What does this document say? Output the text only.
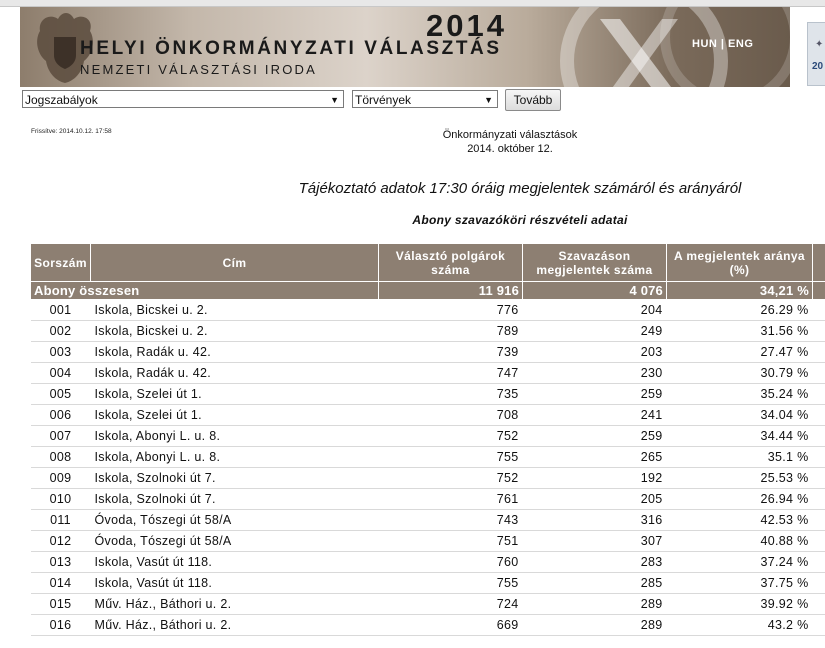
2014
HELYI ÖNKORMÁNYZATI VÁLASZTÁS
NEMZETI VÁLASZTÁSI IRODA
HUN | ENG	✦
20
Jogszabályok	▼ Törvények	▼	Tovább
Frissítve: 2014.10.12. 17:58	Önkormányzati választások
2014. október 12.
Tájékoztató adatok 17:30 óráig megjelentek számáról és arányáról
Abony szavazóköri részvételi adatai
Sorszám	Cím	Választó polgárok száma	Szavazáson megjelentek száma	A megjelentek aránya (%)	
Abony összesen		11 916	4 076	34,21 %	
001	Iskola, Bicskei u. 2.	776	204	26.29 %	
002	Iskola, Bicskei u. 2.	789	249	31.56 %	
003	Iskola, Radák u. 42.	739	203	27.47 %	
004	Iskola, Radák u. 42.	747	230	30.79 %	
005	Iskola, Szelei út 1.	735	259	35.24 %	
006	Iskola, Szelei út 1.	708	241	34.04 %	
007	Iskola, Abonyi L. u. 8.	752	259	34.44 %	
008	Iskola, Abonyi L. u. 8.	755	265	35.1 %	
009	Iskola, Szolnoki út 7.	752	192	25.53 %	
010	Iskola, Szolnoki út 7.	761	205	26.94 %	
011	Óvoda, Tószegi út 58/A	743	316	42.53 %	
012	Óvoda, Tószegi út 58/A	751	307	40.88 %	
013	Iskola, Vasút út 118.	760	283	37.24 %	
014	Iskola, Vasút út 118.	755	285	37.75 %	
015	Műv. Ház., Báthori u. 2.	724	289	39.92 %	
016	Műv. Ház., Báthori u. 2.	669	289	43.2 %	
